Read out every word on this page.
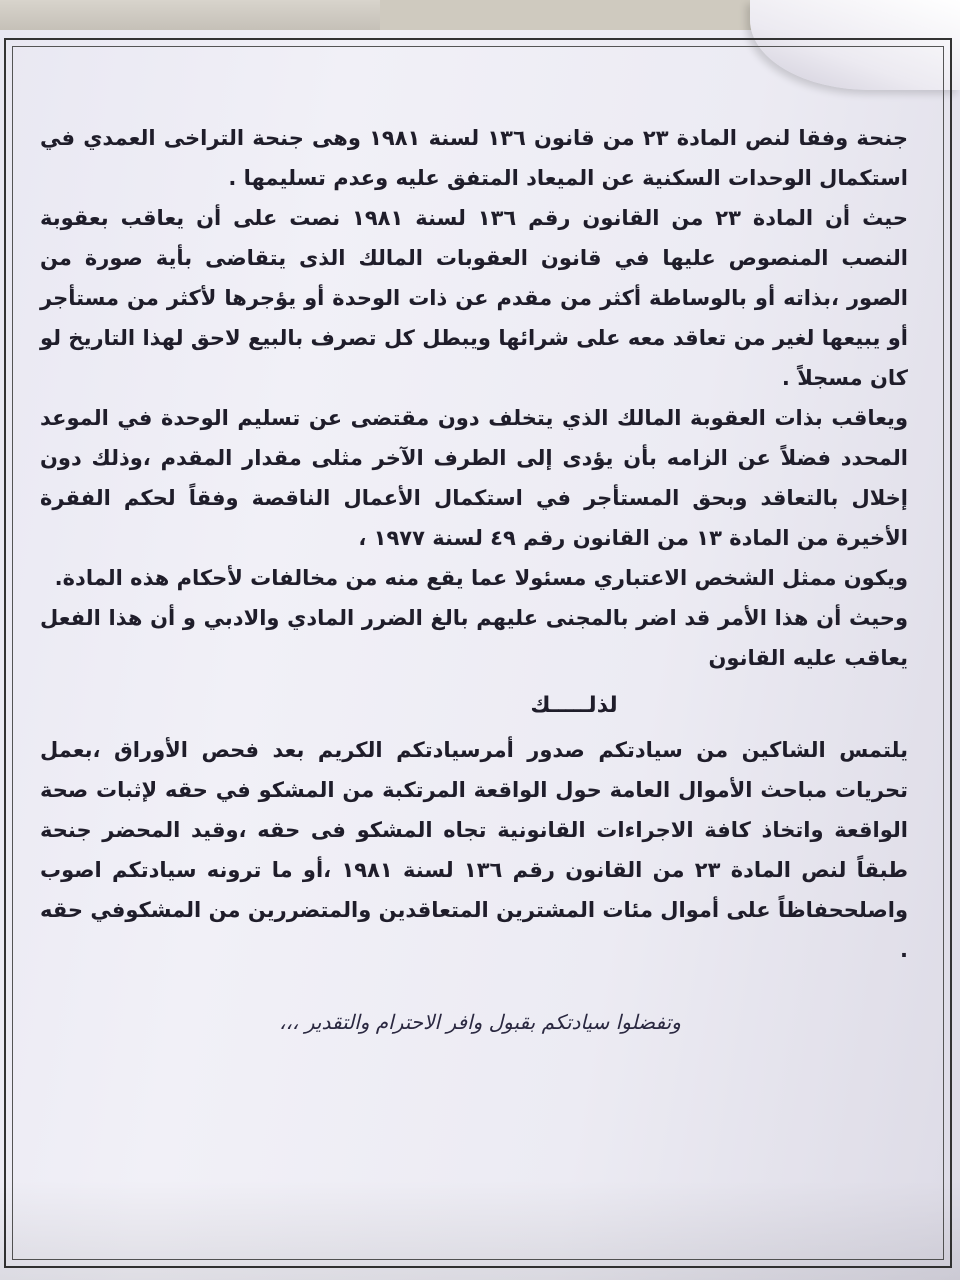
جنحة وفقا لنص المادة ٢٣ من قانون ١٣٦ لسنة ١٩٨١ وهى جنحة التراخى العمدي في استكمال الوحدات السكنية عن الميعاد المتفق عليه وعدم تسليمها .

حيث أن المادة ٢٣ من القانون رقم ١٣٦ لسنة ١٩٨١ نصت على أن يعاقب بعقوبة النصب المنصوص عليها في قانون العقوبات المالك الذى يتقاضى بأية صورة من الصور ،بذاته أو بالوساطة أكثر من مقدم عن ذات الوحدة أو يؤجرها لأكثر من مستأجر أو يبيعها لغير من تعاقد معه على شرائها ويبطل كل تصرف بالبيع لاحق لهذا التاريخ لو كان مسجلاً .

ويعاقب بذات العقوبة المالك الذي يتخلف دون مقتضى عن تسليم الوحدة في الموعد المحدد فضلاً عن الزامه بأن يؤدى إلى الطرف الآخر مثلى مقدار المقدم ،وذلك دون إخلال بالتعاقد وبحق المستأجر في استكمال الأعمال الناقصة وفقاً لحكم الفقرة الأخيرة من المادة ١٣ من القانون رقم ٤٩ لسنة ١٩٧٧ ،

ويكون ممثل الشخص الاعتباري مسئولا عما يقع منه من مخالفات لأحكام هذه المادة.

وحيث أن هذا الأمر قد اضر بالمجنى عليهم بالغ الضرر المادي والادبي و أن هذا الفعل يعاقب عليه القانون

لذلـــــك

يلتمس الشاكين من سيادتكم صدور أمرسيادتكم الكريم بعد فحص الأوراق ،بعمل تحريات مباحث الأموال العامة حول الواقعة المرتكبة من المشكو في حقه لإثبات صحة الواقعة واتخاذ كافة الاجراءات القانونية تجاه المشكو فى حقه ،وقيد المحضر جنحة طبقاً لنص المادة ٢٣ من القانون رقم ١٣٦ لسنة ١٩٨١ ،أو ما ترونه سيادتكم اصوب واصلححفاظاً على أموال مئات المشترين المتعاقدين والمتضررين من المشكوفي حقه .

وتفضلوا سيادتكم بقبول وافر الاحترام والتقدير ،،،
